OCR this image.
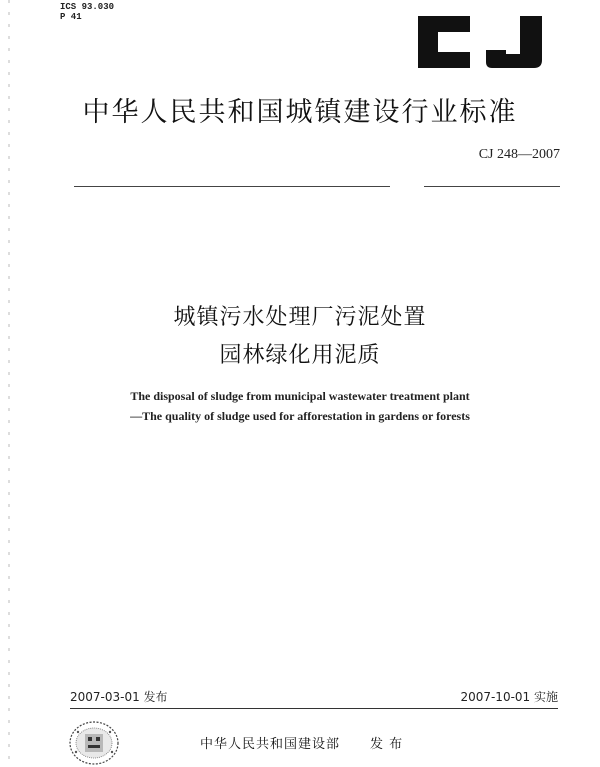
ICS 93.030
P 41
中华人民共和国城镇建设行业标准
CJ 248—2007
城镇污水处理厂污泥处置
园林绿化用泥质
The disposal of sludge from municipal wastewater treatment plant
—The quality of sludge used for afforestation in gardens or forests
2007-03-01 发布	2007-10-01 实施
中华人民共和国建设部 发 布
